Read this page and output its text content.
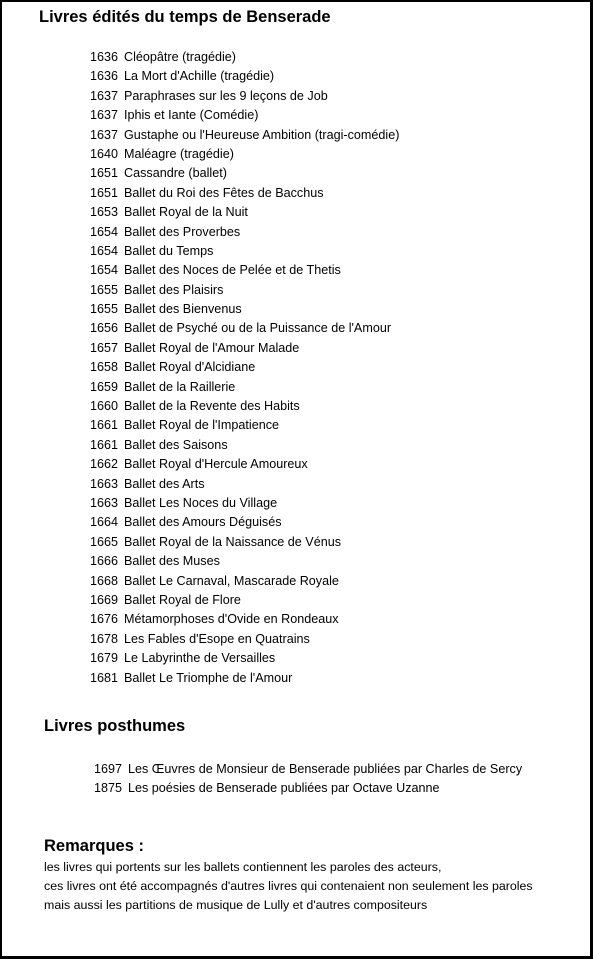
Livres édités du temps de Benserade
1636 Cléopâtre (tragédie)
1636 La Mort d'Achille (tragédie)
1637 Paraphrases sur les 9 leçons de Job
1637 Iphis et Iante (Comédie)
1637 Gustaphe ou l'Heureuse Ambition (tragi-comédie)
1640 Maléagre (tragédie)
1651 Cassandre (ballet)
1651 Ballet du Roi des Fêtes de Bacchus
1653 Ballet Royal de la Nuit
1654 Ballet des Proverbes
1654 Ballet du Temps
1654 Ballet des Noces de Pelée et de Thetis
1655 Ballet des Plaisirs
1655 Ballet des Bienvenus
1656 Ballet de Psyché ou de la Puissance de l'Amour
1657 Ballet Royal de l'Amour Malade
1658 Ballet Royal d'Alcidiane
1659 Ballet de la Raillerie
1660 Ballet de la Revente des Habits
1661 Ballet Royal de l'Impatience
1661 Ballet des Saisons
1662 Ballet Royal d'Hercule Amoureux
1663 Ballet des Arts
1663 Ballet Les Noces du Village
1664 Ballet des Amours Déguisés
1665 Ballet Royal de la Naissance de Vénus
1666 Ballet des Muses
1668 Ballet Le Carnaval, Mascarade Royale
1669 Ballet Royal de Flore
1676 Métamorphoses d'Ovide en Rondeaux
1678 Les Fables d'Esope en Quatrains
1679 Le Labyrinthe de Versailles
1681 Ballet Le Triomphe de l'Amour
Livres posthumes
1697 Les Œuvres de Monsieur de Benserade publiées par Charles de Sercy
1875 Les poésies de Benserade publiées par Octave Uzanne
Remarques :
les livres qui portents sur les ballets contiennent les paroles des acteurs,
ces livres ont été accompagnés d'autres livres qui contenaient non seulement les paroles
mais aussi les partitions de musique de Lully et d'autres compositeurs
